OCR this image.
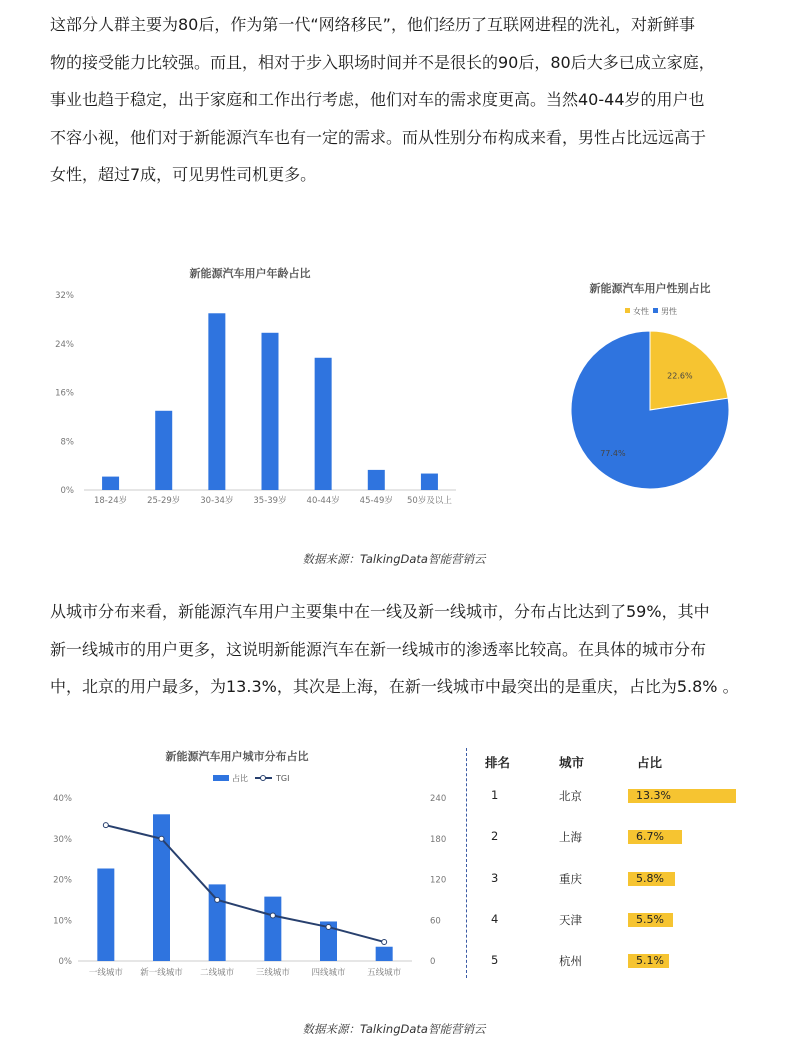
这部分人群主要为80后，作为第一代“网络移民”，他们经历了互联网进程的洗礼，对新鲜事
物的接受能力比较强。而且，相对于步入职场时间并不是很长的90后，80后大多已成立家庭，
事业也趋于稳定，出于家庭和工作出行考虑，他们对车的需求度更高。当然40-44岁的用户也
不容小视，他们对于新能源汽车也有一定的需求。而从性别分布构成来看，男性占比远远高于
女性，超过7成，可见男性司机更多。
新能源汽车用户年龄占比
0%
8%
16%
24%
32%
18-24岁 25-29岁 30-34岁 35-39岁 40-44岁 45-49岁 50岁及以上
新能源汽车用户性别占比
女性 男性
22.6%
77.4%
数据来源：TalkingData智能营销云
从城市分布来看，新能源汽车用户主要集中在一线及新一线城市，分布占比达到了59%，其中
新一线城市的用户更多，这说明新能源汽车在新一线城市的渗透率比较高。在具体的城市分布
中，北京的用户最多，为13.3%，其次是上海，在新一线城市中最突出的是重庆，占比为5.8% 。
新能源汽车用户城市分布占比
占比	TGI
0%
10%
20%
30%
40%
0
60
120
180
240
一线城市 新一线城市 二线城市	三线城市	四线城市	五线城市
排名	城市	占比
1	北京	13.3%
2	上海	6.7%
3	重庆	5.8%
4	天津	5.5%
5	杭州	5.1%
数据来源：TalkingData智能营销云
